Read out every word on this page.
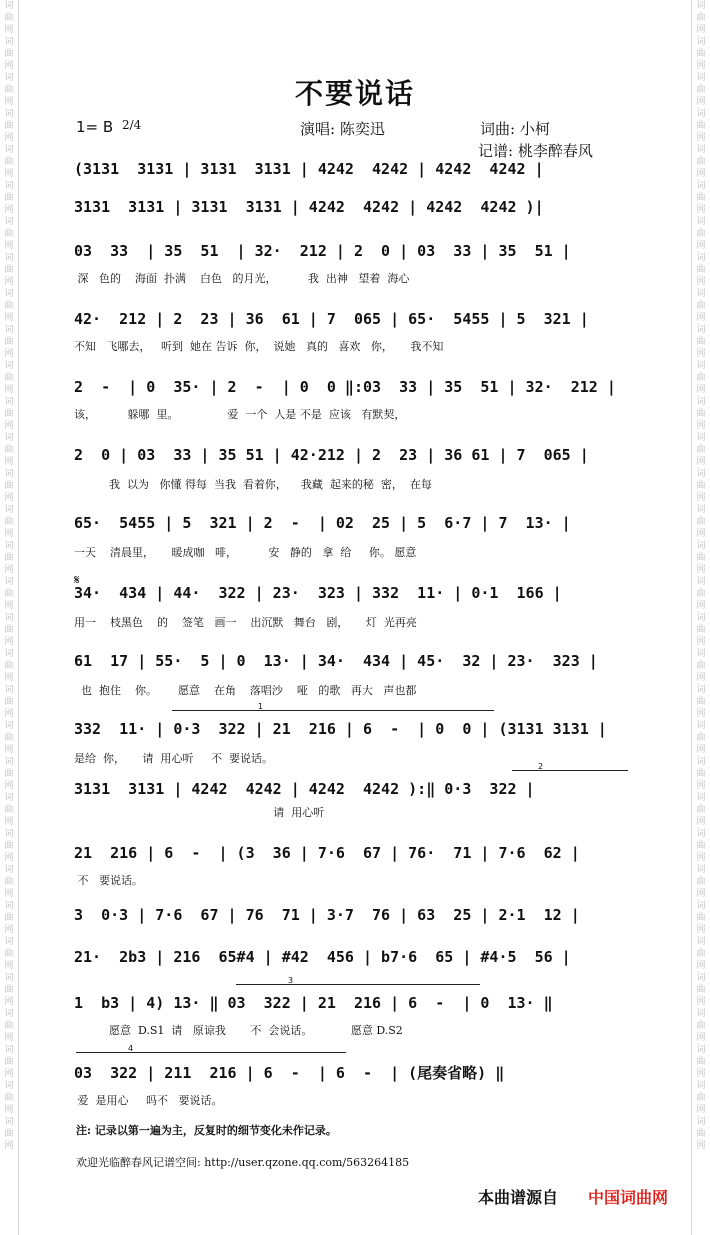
词曲网词曲网词曲网词曲网词曲网词曲网词曲网词曲网词曲网词曲网词曲网词曲网词曲网词曲网词曲网词曲网词曲网词曲网词曲网词曲网词曲网词曲网词曲网词曲网词曲网词曲网词曲网词曲网词曲网词曲网词曲网词曲网
词曲网词曲网词曲网词曲网词曲网词曲网词曲网词曲网词曲网词曲网词曲网词曲网词曲网词曲网词曲网词曲网词曲网词曲网词曲网词曲网词曲网词曲网词曲网词曲网词曲网词曲网词曲网词曲网词曲网词曲网词曲网词曲网
不要说话
1= B 2/4	演唱: 陈奕迅	词曲: 小柯
记谱: 桃李醉春风
𝄋
1
2
3
4
(3131  3131 | 3131  3131 | 4242  4242 | 4242  4242 |
3131  3131 | 3131  3131 | 4242  4242 | 4242  4242 )|
03  33  | 35  51  | 32·  212 | 2  0 | 03  33 | 35  51 |
深   色的    海面  扑满    白色   的月光，         我  出神   望着  海心
42·  212 | 2  23 | 36  61 | 7  065 | 65·  5455 | 5  321 |
不知   飞哪去，   听到  她在 告诉  你，  说她   真的   喜欢   你，     我不知
2  -  | 0  35· | 2  -  | 0  0 ‖:03  33 | 35  51 | 32·  212 |
该，         躲哪  里。              爱  一个  人是 不是  应该   有默契，
2  0 | 03  33 | 35 51 | 42·212 | 2  23 | 36 61 | 7  065 |
我  以为   你懂 得每  当我  看着你，    我藏  起来的秘  密，  在每
65·  5455 | 5  321 | 2  -  | 02  25 | 5  6·7 | 7  13· |
一天    清晨里，     暖成咖   啡，         安   静的   拿  给     你。 愿意
34·  434 | 44·  322 | 23·  323 | 332  11· | 0·1  166 |
用一    枝黑色    的    签笔   画一    出沉默   舞台   剧，     灯  光再亮
61  17 | 55·  5 | 0  13· | 34·  434 | 45·  32 | 23·  323 |
也  抱住    你。      愿意    在角    落唱沙    哑   的歌   再大   声也都
332  11· | 0·3  322 | 21  216 | 6  -  | 0  0 | (3131 3131 |
是给  你，     请  用心听     不  要说话。
3131  3131 | 4242  4242 | 4242  4242 ):‖ 0·3  322 |
请  用心听
21  216 | 6  -  | (3  36 | 7·6  67 | 76·  71 | 7·6  62 |
不   要说话。
3  0·3 | 7·6  67 | 76  71 | 3·7  76 | 63  25 | 2·1  12 |
21·  2b3 | 216  65#4 | #42  456 | b7·6  65 | #4·5  56 |
1  b3 | 4) 13· ‖ 03  322 | 21  216 | 6  -  | 0  13· ‖
愿意  D.S1  请   原谅我       不  会说话。           愿意 D.S2
03  322 | 211  216 | 6  -  | 6  -  | (尾奏省略) ‖
爱  是用心     吗不   要说话。
注: 记录以第一遍为主，反复时的细节变化未作记录。
欢迎光临醉春风记谱空间: http://user.qzone.qq.com/563264185
本曲谱源自 中国词曲网
